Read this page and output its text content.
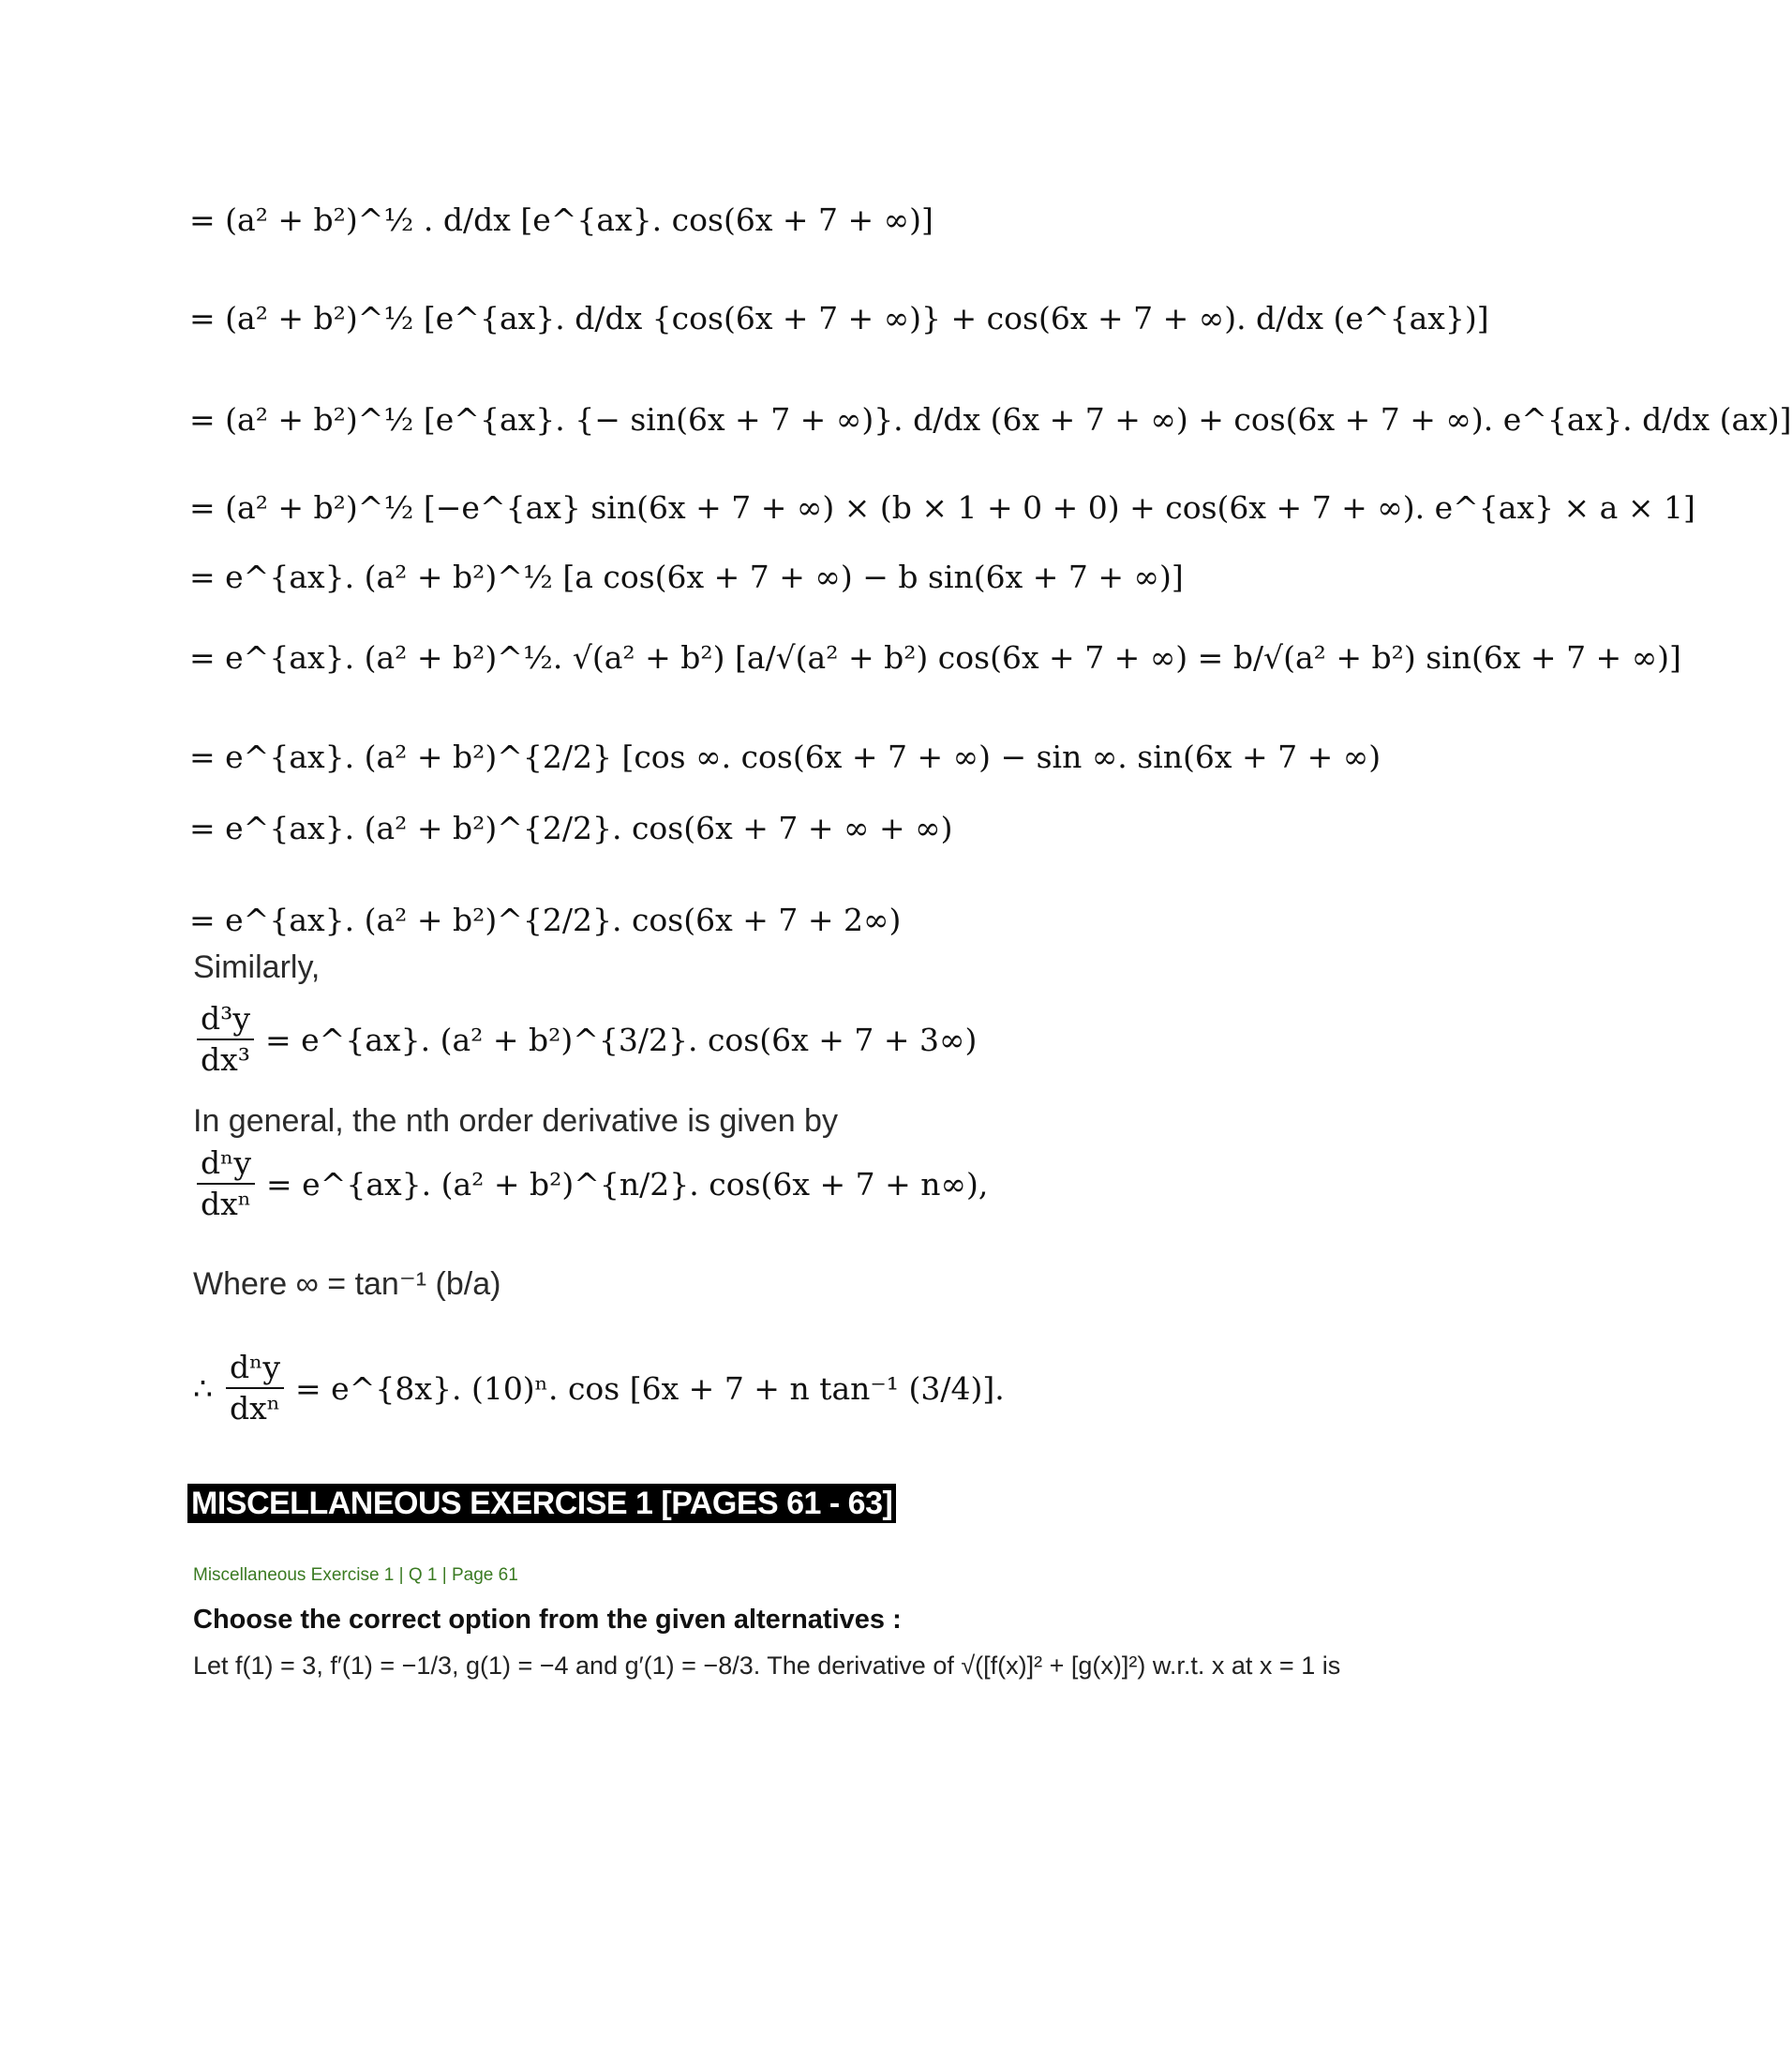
= (a² + b²)^½ . d/dx [e^{ax}. cos(6x + 7 + ∞)]
= (a² + b²)^½ [e^{ax}. d/dx {cos(6x + 7 + ∞)} + cos(6x + 7 + ∞). d/dx (e^{ax})]
= (a² + b²)^½ [e^{ax}. {− sin(6x + 7 + ∞)}. d/dx (6x + 7 + ∞) + cos(6x + 7 + ∞). e^{ax}. d/dx (ax)]
= (a² + b²)^½ [−e^{ax} sin(6x + 7 + ∞) × (b × 1 + 0 + 0) + cos(6x + 7 + ∞). e^{ax} × a × 1]
= e^{ax}. (a² + b²)^½ [a cos(6x + 7 + ∞) − b sin(6x + 7 + ∞)]
= e^{ax}. (a² + b²)^½. √(a² + b²) [a/√(a² + b²) cos(6x + 7 + ∞) = b/√(a² + b²) sin(6x + 7 + ∞)]
= e^{ax}. (a² + b²)^{2/2} [cos ∞. cos(6x + 7 + ∞) − sin ∞. sin(6x + 7 + ∞)
= e^{ax}. (a² + b²)^{2/2}. cos(6x + 7 + ∞ + ∞)
= e^{ax}. (a² + b²)^{2/2}. cos(6x + 7 + 2∞)
Similarly,
$\frac{\text{d³y}}{\text{dx³}}$ = e^{ax}. (a² + b²)^{3/2}. cos(6x + 7 + 3∞)
In general, the nth order derivative is given by
$\frac{\text{dⁿy}}{\text{dxⁿ}}$ = e^{ax}. (a² + b²)^{n/2}. cos(6x + 7 + n∞),
Where ∞ = tan⁻¹ (b/a)
∴ $\frac{\text{dⁿy}}{\text{dxⁿ}}$ = e^{8x}. (10)ⁿ. cos [6x + 7 + n tan⁻¹ (3/4)].
MISCELLANEOUS EXERCISE 1 [PAGES 61 - 63]
Miscellaneous Exercise 1 | Q 1 | Page 61
Choose the correct option from the given alternatives :
Let f(1) = 3, f′(1) = −1/3, g(1) = −4 and g′(1) = −8/3. The derivative of √([f(x)]² + [g(x)]²) w.r.t. x at x = 1 is
